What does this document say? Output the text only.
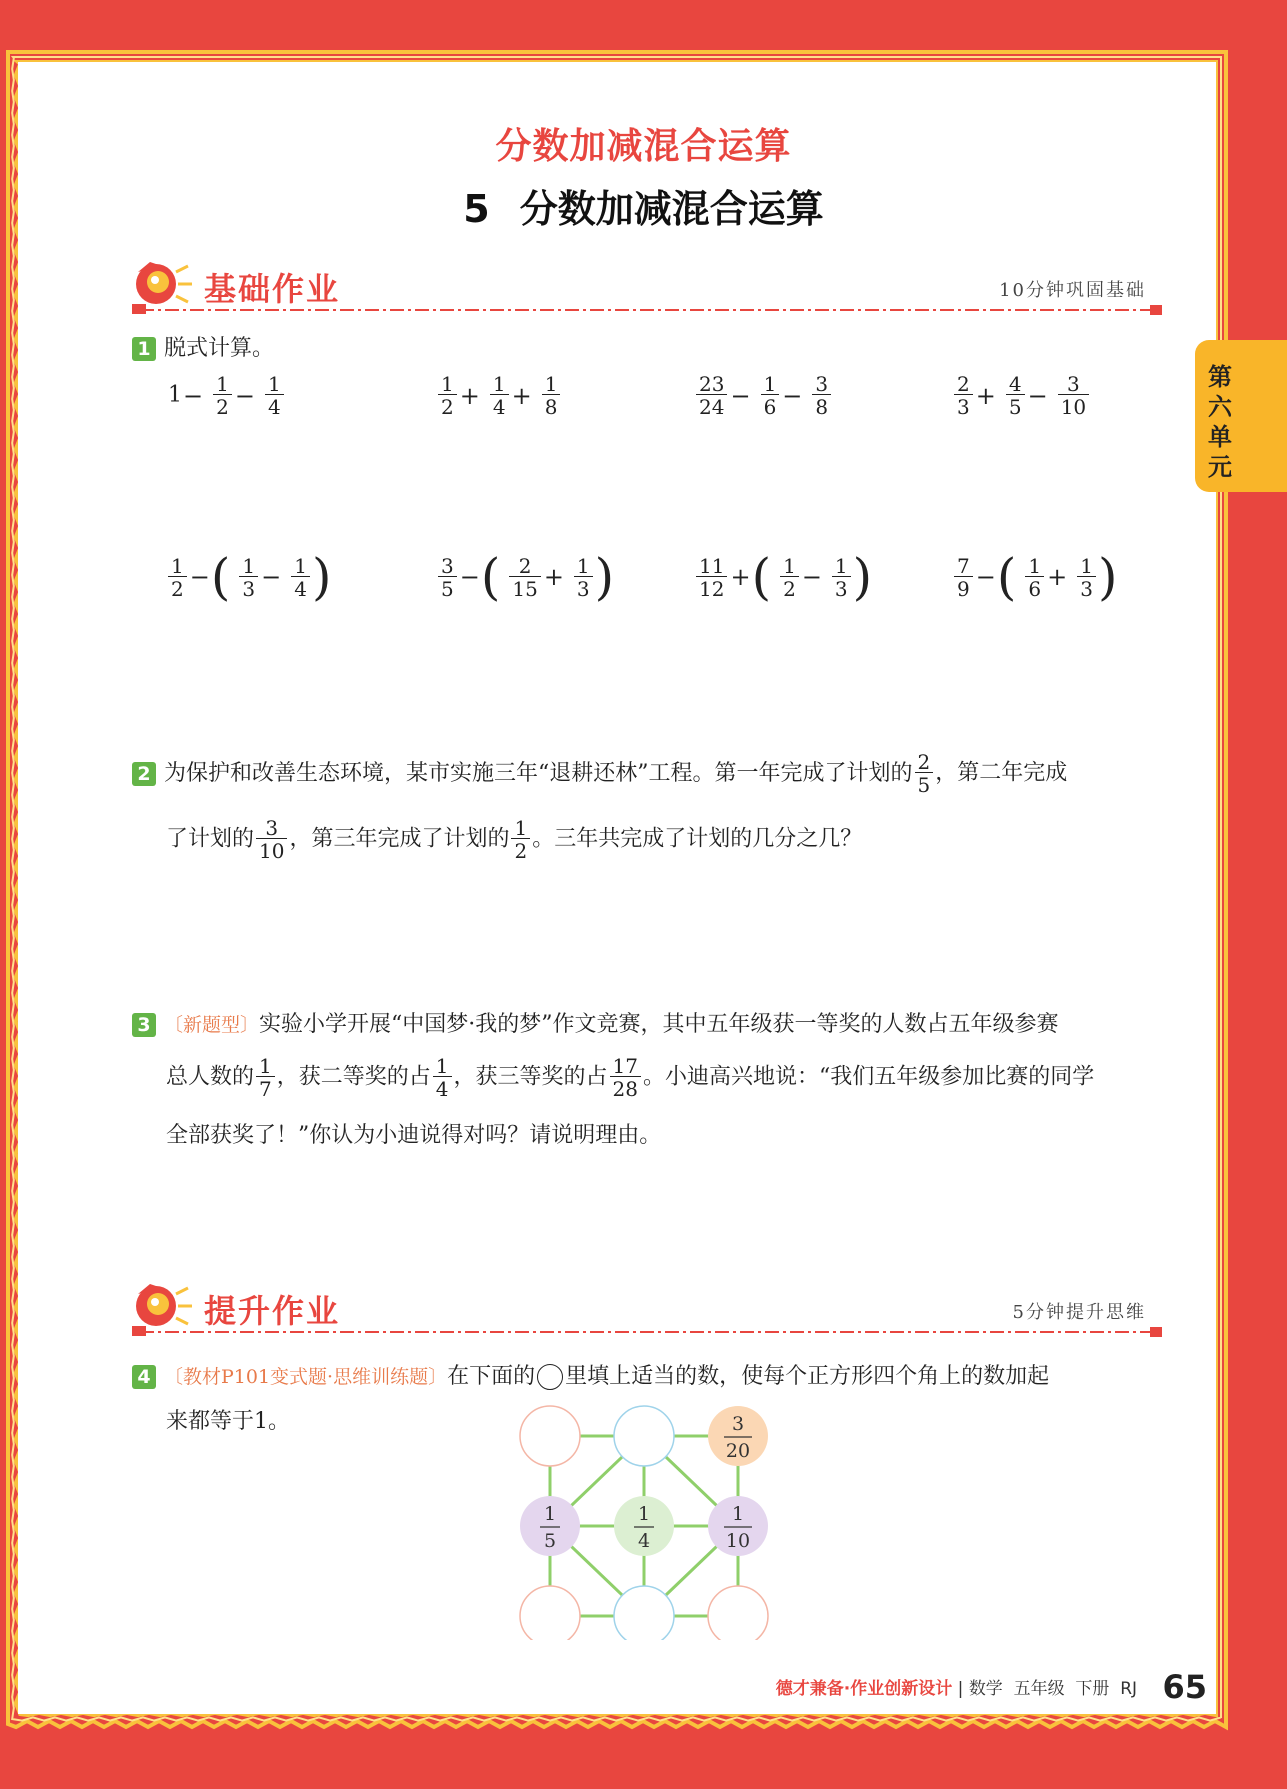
第六单元
分数加减混合运算
5 分数加减混合运算
基础作业	10分钟巩固基础
1 脱式计算。
$1- \frac{1}{2} - \frac{1}{4}$	$\frac{1}{2} + \frac{1}{4} + \frac{1}{8}$	$\frac{23}{24} - \frac{1}{6} - \frac{3}{8}$	$\frac{2}{3} + \frac{4}{5} - \frac{3}{10}$
$\frac{1}{2}$ −( $\frac{1}{3} - \frac{1}{4}$ )	$\frac{3}{5}$ −( $\frac{2}{15} + \frac{1}{3}$ )	$\frac{11}{12}$ +( $\frac{1}{2} - \frac{1}{3}$ )	$\frac{7}{9}$ −( $\frac{1}{6} + \frac{1}{3}$ )
2 为保护和改善生态环境，某市实施三年“退耕还林”工程。第一年完成了计划的 $\frac{2}{5}$ ，第二年完成
了计划的 $\frac{3}{10}$ ，第三年完成了计划的 $\frac{1}{2}$ 。三年共完成了计划的几分之几？
3 〔新题型〕实验小学开展“中国梦·我的梦”作文竞赛，其中五年级获一等奖的人数占五年级参赛
总人数的 $\frac{1}{7}$ ，获二等奖的占 $\frac{1}{4}$ ，获三等奖的占 $\frac{17}{28}$ 。小迪高兴地说：“我们五年级参加比赛的同学
全部获奖了！”你认为小迪说得对吗？请说明理由。
提升作业	5分钟提升思维
4 〔教材P101变式题·思维训练题〕在下面的 里填上适当的数，使每个正方形四个角上的数加起
来都等于1。	3
20
1
5
1
4
1
10
德才兼备·作业创新设计 | 数学  五年级  下册  RJ 65
